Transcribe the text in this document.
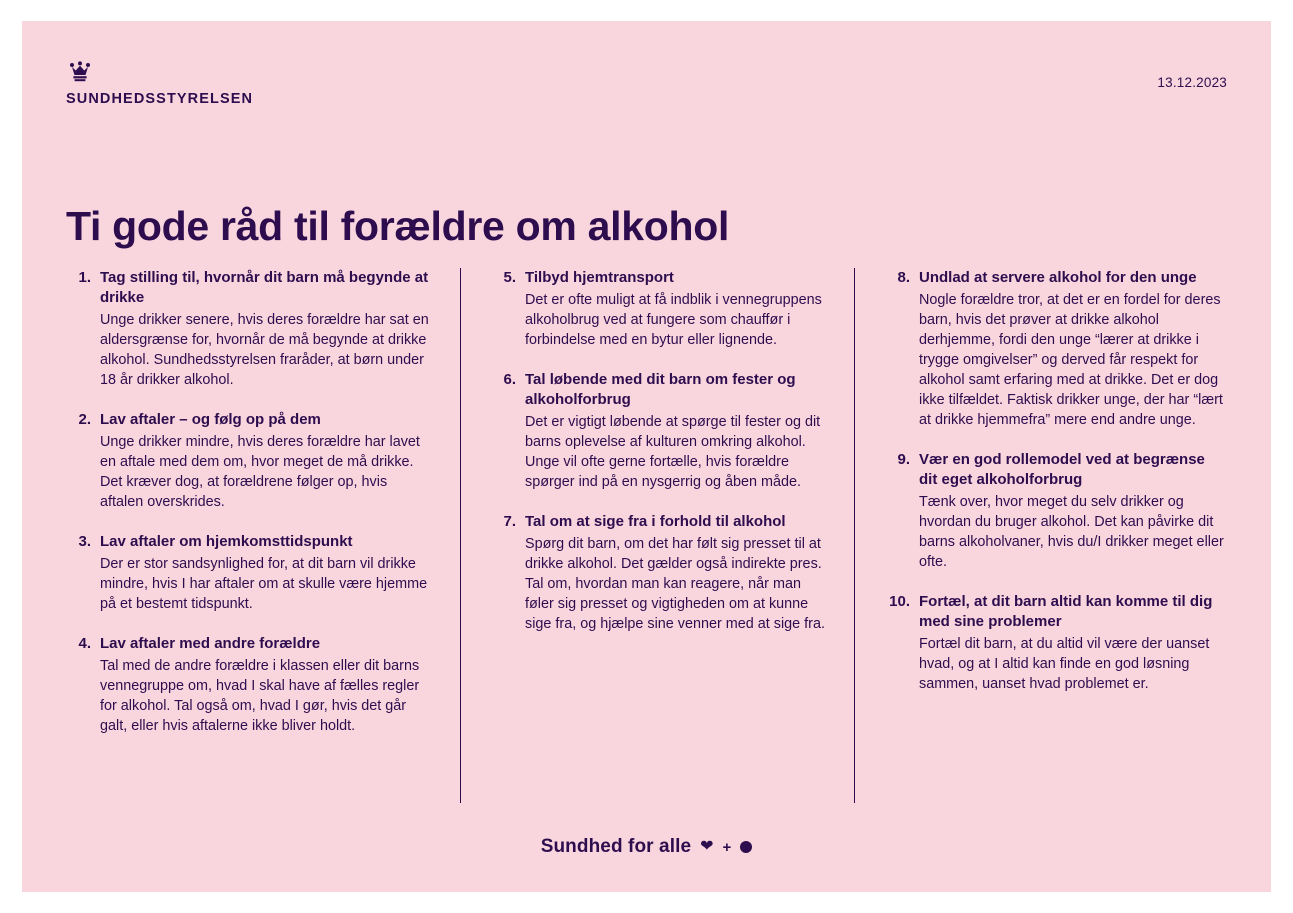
SUNDHEDSSTYRELSEN
13.12.2023
Ti gode råd til forældre om alkohol
1. Tag stilling til, hvornår dit barn må begynde at drikke
Unge drikker senere, hvis deres forældre har sat en aldersgrænse for, hvornår de må begynde at drikke alkohol. Sundhedsstyrelsen fraråder, at børn under 18 år drikker alkohol.
2. Lav aftaler – og følg op på dem
Unge drikker mindre, hvis deres forældre har lavet en aftale med dem om, hvor meget de må drikke. Det kræver dog, at forældrene følger op, hvis aftalen overskrides.
3. Lav aftaler om hjemkomsttidspunkt
Der er stor sandsynlighed for, at dit barn vil drikke mindre, hvis I har aftaler om at skulle være hjemme på et bestemt tidspunkt.
4. Lav aftaler med andre forældre
Tal med de andre forældre i klassen eller dit barns vennegruppe om, hvad I skal have af fælles regler for alkohol. Tal også om, hvad I gør, hvis det går galt, eller hvis aftalerne ikke bliver holdt.
5. Tilbyd hjemtransport
Det er ofte muligt at få indblik i vennegruppens alkoholbrug ved at fungere som chauffør i forbindelse med en bytur eller lignende.
6. Tal løbende med dit barn om fester og alkoholforbrug
Det er vigtigt løbende at spørge til fester og dit barns oplevelse af kulturen omkring alkohol. Unge vil ofte gerne fortælle, hvis forældre spørger ind på en nysgerrig og åben måde.
7. Tal om at sige fra i forhold til alkohol
Spørg dit barn, om det har følt sig presset til at drikke alkohol. Det gælder også indirekte pres. Tal om, hvordan man kan reagere, når man føler sig presset og vigtigheden om at kunne sige fra, og hjælpe sine venner med at sige fra.
8. Undlad at servere alkohol for den unge
Nogle forældre tror, at det er en fordel for deres barn, hvis det prøver at drikke alkohol derhjemme, fordi den unge “lærer at drikke i trygge omgivelser” og derved får respekt for alkohol samt erfaring med at drikke. Det er dog ikke tilfældet. Faktisk drikker unge, der har “lært at drikke hjemmefra” mere end andre unge.
9. Vær en god rollemodel ved at begrænse dit eget alkoholforbrug
Tænk over, hvor meget du selv drikker og hvordan du bruger alkohol. Det kan påvirke dit barns alkoholvaner, hvis du/I drikker meget eller ofte.
10. Fortæl, at dit barn altid kan komme til dig med sine problemer
Fortæl dit barn, at du altid vil være der uanset hvad, og at I altid kan finde en god løsning sammen, uanset hvad problemet er.
Sundhed for alle ❤ +
